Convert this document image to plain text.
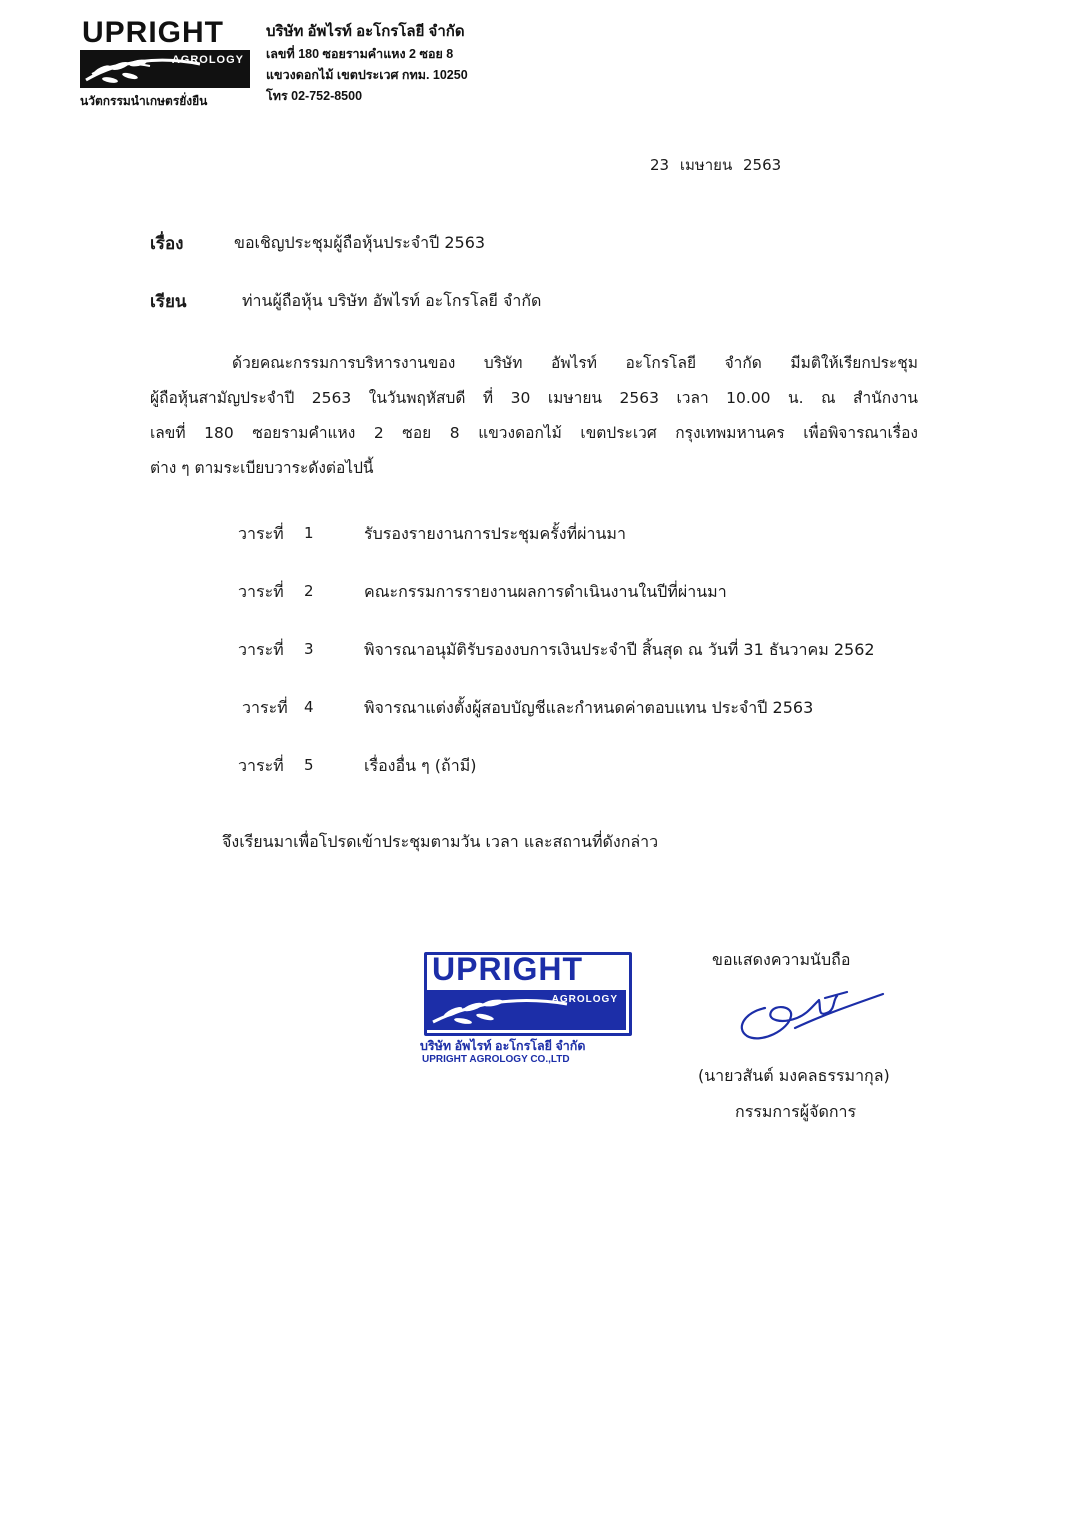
UPRIGHT
AGROLOGY
นวัตกรรมนำเกษตรยั่งยืน
บริษัท อัพไรท์ อะโกรโลยี จำกัด
เลขที่ 180 ซอยรามคำแหง 2 ซอย 8
แขวงดอกไม้ เขตประเวศ กทม. 10250
โทร 02-752-8500
23 เมษายน 2563
เรื่อง	ขอเชิญประชุมผู้ถือหุ้นประจำปี 2563
เรียน	ท่านผู้ถือหุ้น บริษัท อัพไรท์ อะโกรโลยี จำกัด
ด้วยคณะกรรมการบริหารงานของ บริษัท อัพไรท์ อะโกรโลยี จำกัด มีมติให้เรียกประชุม
ผู้ถือหุ้นสามัญประจำปี 2563 ในวันพฤหัสบดี ที่ 30 เมษายน 2563 เวลา 10.00 น. ณ สำนักงาน
เลขที่ 180 ซอยรามคำแหง 2 ซอย 8 แขวงดอกไม้ เขตประเวศ กรุงเทพมหานคร เพื่อพิจารณาเรื่อง
ต่าง ๆ ตามระเบียบวาระดังต่อไปนี้
วาระที่ 1	รับรองรายงานการประชุมครั้งที่ผ่านมา
วาระที่ 2	คณะกรรมการรายงานผลการดำเนินงานในปีที่ผ่านมา
วาระที่ 3	พิจารณาอนุมัติรับรองงบการเงินประจำปี สิ้นสุด ณ วันที่ 31 ธันวาคม 2562
วาระที่ 4	พิจารณาแต่งตั้งผู้สอบบัญชีและกำหนดค่าตอบแทน ประจำปี 2563
วาระที่ 5	เรื่องอื่น ๆ (ถ้ามี)
จึงเรียนมาเพื่อโปรดเข้าประชุมตามวัน เวลา และสถานที่ดังกล่าว
UPRIGHT
AGROLOGY
บริษัท อัพไรท์ อะโกรโลยี จำกัด
UPRIGHT AGROLOGY CO.,LTD
ขอแสดงความนับถือ
(นายวสันต์ มงคลธรรมากุล)
กรรมการผู้จัดการ
